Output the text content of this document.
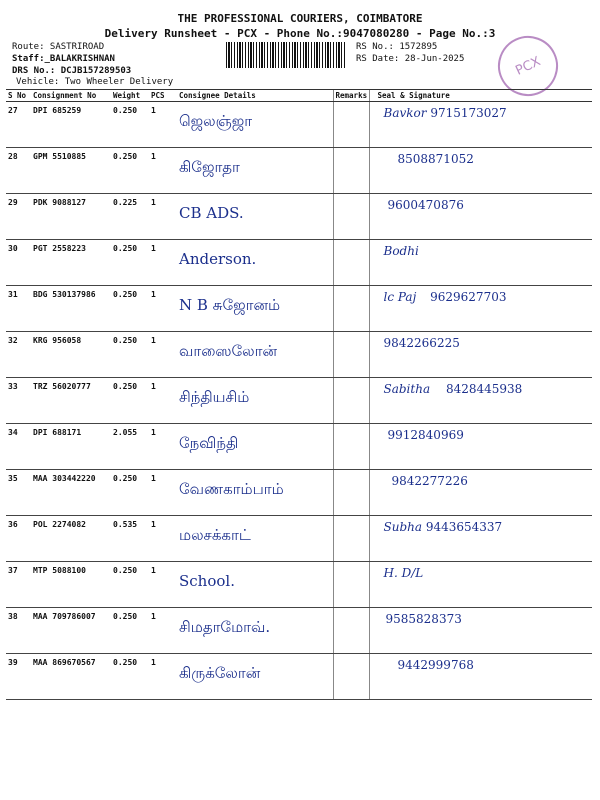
THE PROFESSIONAL COURIERS, COIMBATORE
Delivery Runsheet - PCX - Phone No.:9047080280 - Page No.:3
Route: SASTRIROAD
Staff:_BALAKRISHNAN
DRS No.: DCJB157289503
Vehicle: Two Wheeler Delivery
RS No.: 1572895
RS Date: 28-Jun-2025	PCX
S No	Consignment No	Weight	PCS	Consignee Details	Remarks	Seal & Signature
27	DPI 685259	0.250	1	ஜெலஞ்ஜா		Bavkor 9715173027

28	GPM 5510885	0.250	1	கிஜோதா		8508871052

29	PDK 9088127	0.225	1	CB ADS.		9600470876

30	PGT 2558223	0.250	1	Anderson.		Bodhi

31	BDG 530137986	0.250	1	N B சுஜோனம்		lc Paj 9629627703

32	KRG 956058	0.250	1	வாஸைலோன்		9842266225

33	TRZ 56020777	0.250	1	சிந்தியசிம்		Sabitha 8428445938

34	DPI 688171	2.055	1	நேவிந்தி		9912840969

35	MAA 303442220	0.250	1	வேணகாம்பாம்		9842277226

36	POL 2274082	0.535	1	மலசக்காட்		Subha 9443654337

37	MTP 5088100	0.250	1	School.		H. D/L

38	MAA 709786007	0.250	1	சிமதாமோவ்.		9585828373

39	MAA 869670567	0.250	1	கிருக்லோன்		9442999768
